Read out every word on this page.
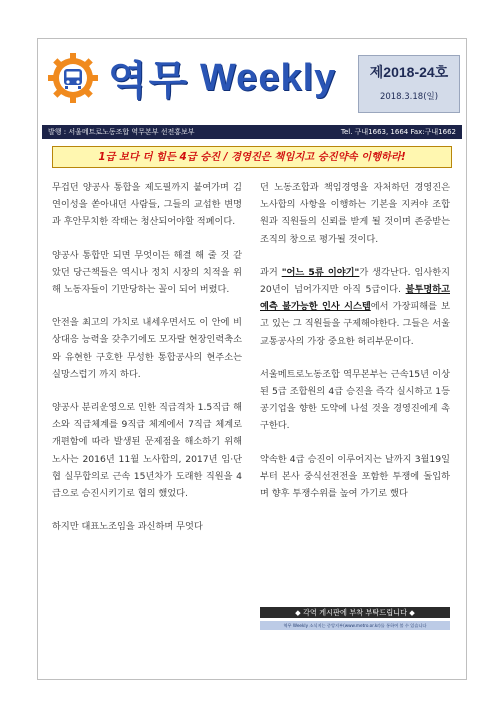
역무 Weekly	제2018-24호
2018.3.18(일)
발행 : 서울메트로노동조합 역무본부 선전홍보부	Tel. 구내1663, 1664 Fax:구내1662
1급 보다 더 힘든 4급 승진 / 경영진은 책임지고 승진약속 이행하라!

무겁던 양공사 통합을 제도필까지 붙여가며 김연이성을 쏟아내던 사람들, 그들의 교섭한 변명과 후안무치한 작태는 청산되어야할 적폐이다.

양공사 통합만 되면 무엇이든 해결 해 줄 것 같았던 당근책들은 역시나 정치 시장의 치적을 위해 노동자들이 기만당하는 꼴이 되어 버렸다.

안전을 최고의 가치로 내세우면서도 이 안에 비상대응 능력을 갖추기에도 모자랄 현장인력축소와 유현한 구호한 무성한 통합공사의 현주소는 실망스럽기 까지 하다.

양공사 분리운영으로 인한 직급격차 1.5직급 해소와 직급체계를 9직급 체계에서 7직급 체계로 개편함에 따라 발생된 문제점을 해소하기 위해 노사는 2016년 11월 노사합의, 2017년 임·단협 실무합의로 근속 15년차가 도래한 직원을 4급으로 승진시키기로 협의 했었다.

하지만 대표노조임을 과신하며 무엇다

던 노동조합과 책임경영을 자처하던 경영진은 노사합의 사항을 이행하는 기본을 지켜야 조합원과 직원들의 신뢰를 받게 될 것이며 존중받는 조직의 창으로 평가될 것이다.

과거 "어느 5류 이야기"가 생각난다. 임사한지 20년이 넘어가지만 아직 5급이다. 불투명하고 예측 불가능한 인사 시스템에서 가장피해를 보고 있는 그 직원들을 구제해야한다. 그들은 서울교통공사의 가장 중요한 허리부문이다.

서울메트로노동조합 역무본부는 근속15년 이상 된 5급 조합원의 4급 승진을 즉각 실시하고 1등 공기업을 향한 도약에 나설 것을 경영진에게 촉구한다.

약속한 4급 승진이 이루어지는 날까지 3월19일부터 본사 중식선전전을 포함한 투쟁에 돌입하며 향후 투쟁수위를 높여 가기로 했다

◆ 각역 게시판에 부착 부탁드립니다 ◆
역무 Weekly 소식지는 중앙지부(www.metro.or.kr)를 통하여 볼 수 있습니다
